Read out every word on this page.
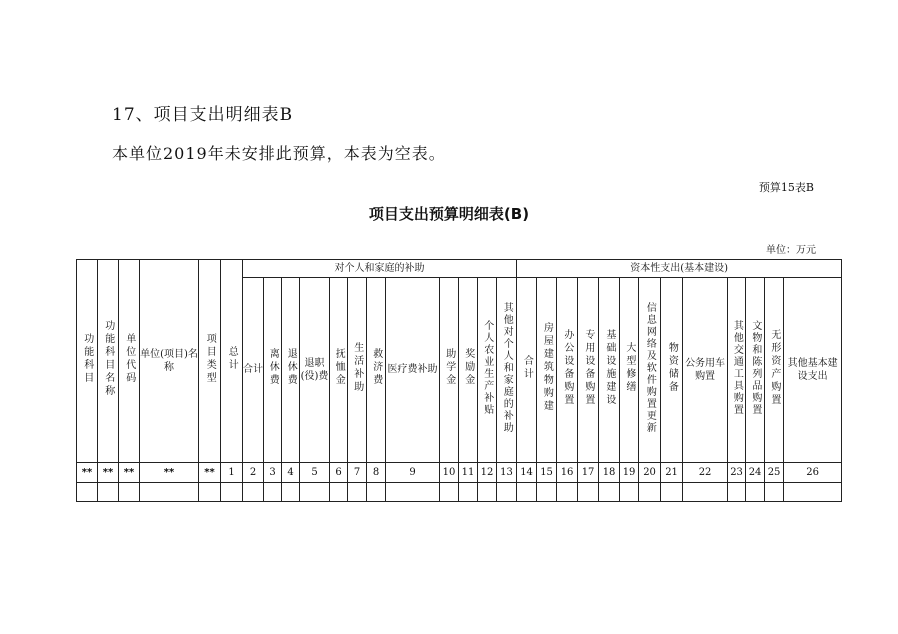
17、项目支出明细表B
本单位2019年未安排此预算，本表为空表。
预算15表B
项目支出预算明细表(B)
单位：万元
功能科目	功能科目名称	单位代码	单位(项目)名称	项目类型	总计	对个人和家庭的补助												资本性支出(基本建设)												
						合计	离休费	退休费	退职(役)费	抚恤金	生活补助	救济费	医疗费补助	助学金	奖励金	个人农业生产补贴	其他对个人和家庭的补助	合计	房屋建筑物购建	办公设备购置	专用设备购置	基础设施建设	大型修缮	信息网络及软件购置更新	物资储备	公务用车购置	其他交通工具购置	文物和陈列品购置	无形资产购置	其他基本建设支出
**	**	**	**	**	1	2	3	4	5	6	7	8	9	10	11	12	13	14	15	16	17	18	19	20	21	22	23	24	25	26
